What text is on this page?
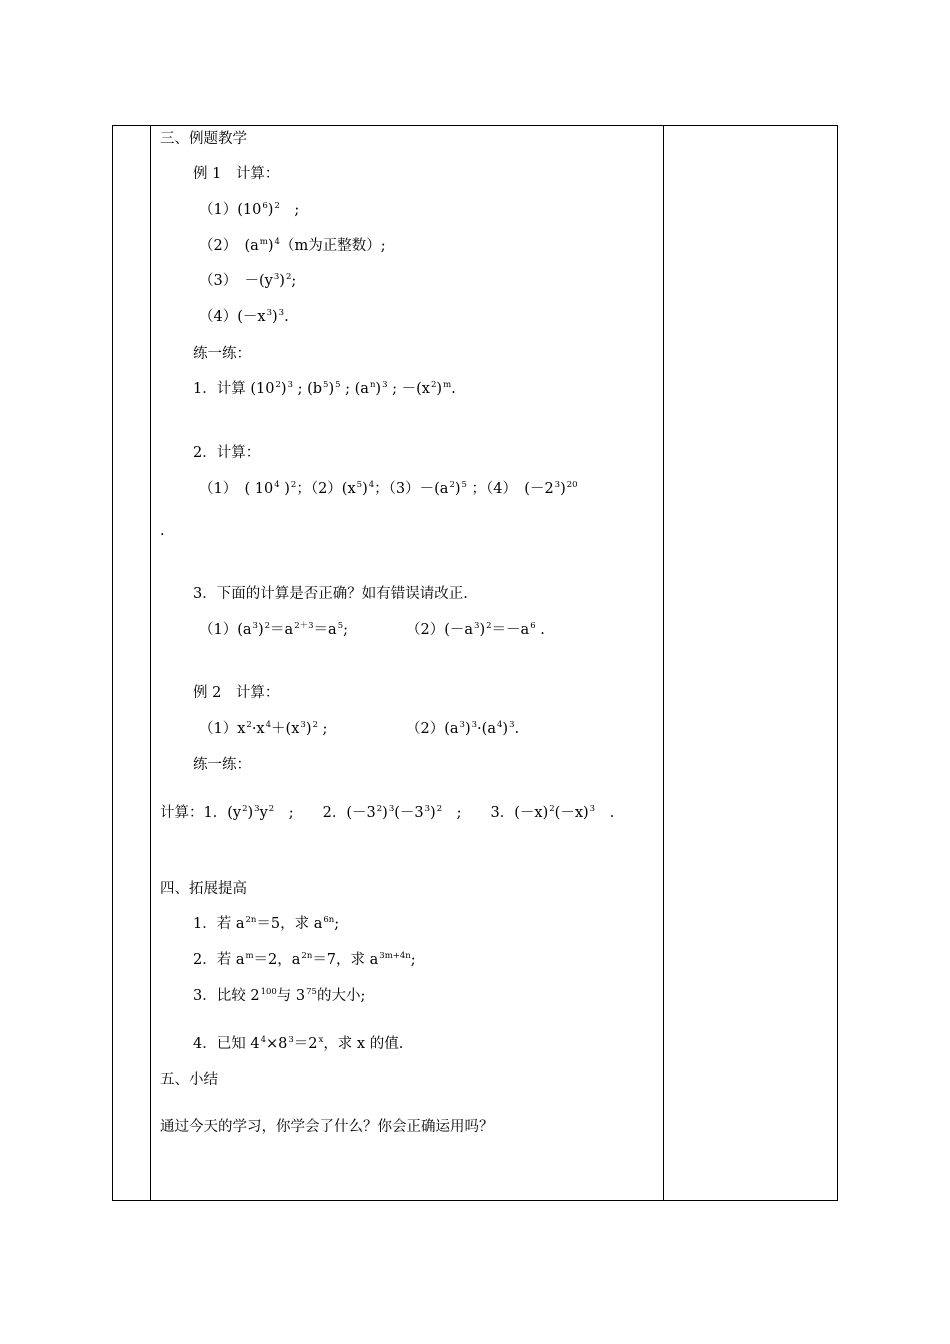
三、例题教学
例 1　计算：
$(1)(10^6)^2$　;
（2）　 $(a^m)^4(m$为正整数）;
（3）　 $-(y^3)^2$;
$(4)(-x^3)^3$.
练一练：
1．计算 $(10^2)^3$ ; $(b^5)^5$ ; $(a^n)^3$ ; $-(x^2)^m$.
2．计算：
（1）　( $10^4$ )$^2$；$(2)(x^5)^4$；$(3)-(a^2)^5$ ；（4）　$(-2^3)^{20}$
.
3．下面的计算是否正确？如有错误请改正.
$(1)(a^3)^2=a^{2+3}=a^5$;	$(2)(-a^3)^2=-a^6$ .
例 2　计算：
$(1)x^2\cdot x^4+(x^3)^2$ ;	$(2)(a^3)^3\cdot(a^4)^3$.
练一练：
计算：1．$(y^2)^3y^2$　;　　2．$(-3^2)^3(-3^3)^2$　;　　3．$(-x)^2(-x)^3$　.
四、拓展提高
1．若 $a^{2n}=5$，求 $a^{6n}$;
2．若 $a^m=2$，$a^{2n}=7$，求 $a^{3m+4n}$;
3．比较 $2^{100}$与 $3^{75}$的大小;
4．已知 $4^4\times 8^3=2^x$，求 x 的值.
五、小结
通过今天的学习，你学会了什么？你会正确运用吗？
